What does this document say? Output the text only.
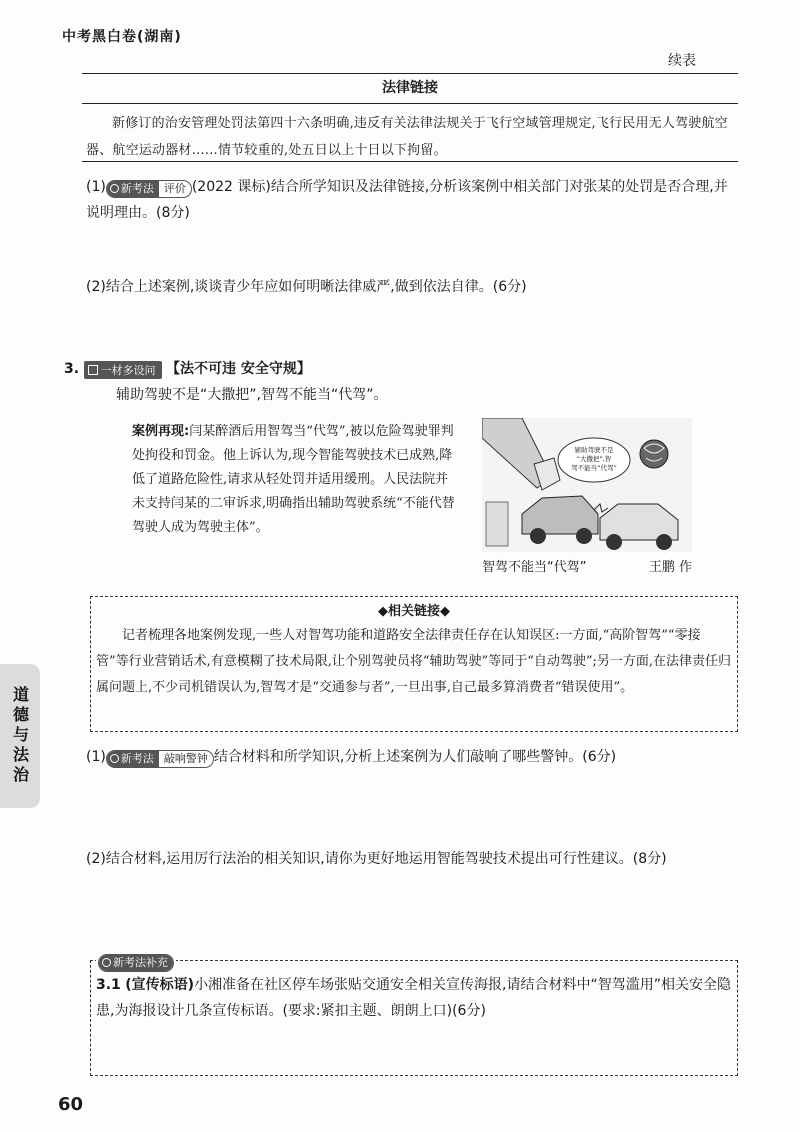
中考黑白卷(湖南)
续表
法律链接
新修订的治安管理处罚法第四十六条明确,违反有关法律法规关于飞行空域管理规定,飞行民用无人驾驶航空器、航空运动器材……情节较重的,处五日以上十日以下拘留。
(1) 新考法 评价 (2022 课标)结合所学知识及法律链接,分析该案例中相关部门对张某的处罚是否合理,并说明理由。(8分)
(2)结合上述案例,谈谈青少年应如何明晰法律威严,做到依法自律。(6分)
3. 一材多设问 【法不可违 安全守规】
辅助驾驶不是“大撒把”,智驾不能当“代驾”。
案例再现:闫某醉酒后用智驾当“代驾”,被以危险驾驶罪判处拘役和罚金。他上诉认为,现今智能驾驶技术已成熟,降低了道路危险性,请求从轻处罚并适用缓刑。人民法院并未支持闫某的二审诉求,明确指出辅助驾驶系统“不能代替驾驶人成为驾驶主体”。
辅助驾驶不是
“大撒把”,智
驾不能当“代驾”
智驾不能当“代驾”	王鹏 作
◆相关链接◆
记者梳理各地案例发现,一些人对智驾功能和道路安全法律责任存在认知误区:一方面,“高阶智驾”“零接管”等行业营销话术,有意模糊了技术局限,让个别驾驶员将“辅助驾驶”等同于“自动驾驶”;另一方面,在法律责任归属问题上,不少司机错误认为,智驾才是“交通参与者”,一旦出事,自己最多算消费者“错误使用”。
道德与法治	(1) 新考法 敲响警钟 结合材料和所学知识,分析上述案例为人们敲响了哪些警钟。(6分)
(2)结合材料,运用厉行法治的相关知识,请你为更好地运用智能驾驶技术提出可行性建议。(8分)
新考法补充
3.1 (宣传标语)小湘准备在社区停车场张贴交通安全相关宣传海报,请结合材料中“智驾滥用”相关安全隐患,为海报设计几条宣传标语。(要求:紧扣主题、朗朗上口)(6分)
60
